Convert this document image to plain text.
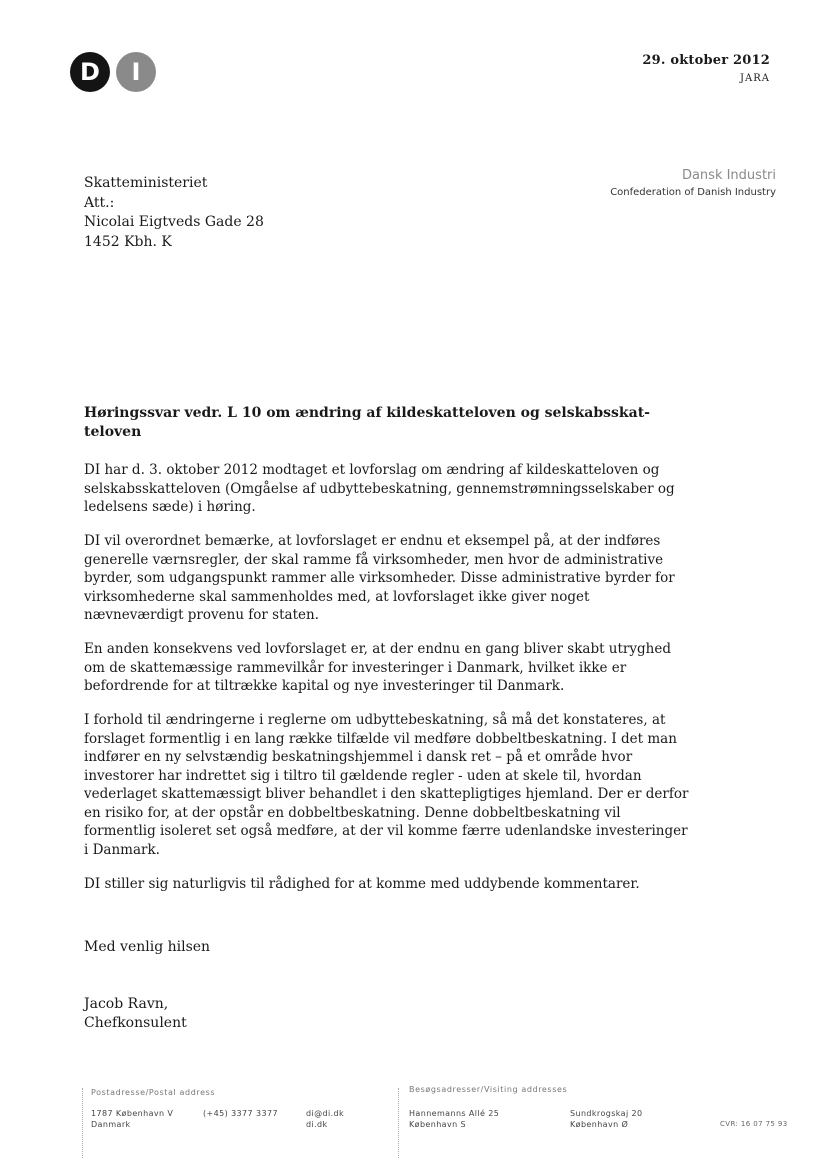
D	I	29. oktober 2012
JARA
Dansk Industri
Confederation of Danish Industry
Skatteministeriet
Att.:
Nicolai Eigtveds Gade 28
1452 Kbh. K
Høringssvar vedr. L 10 om ændring af kildeskatteloven og selskabsskat-teloven

DI har d. 3. oktober 2012 modtaget et lovforslag om ændring af kildeskatteloven og selskabsskatteloven (Omgåelse af udbyttebeskatning, gennemstrømningsselskaber og ledelsens sæde) i høring.

DI vil overordnet bemærke, at lovforslaget er endnu et eksempel på, at der indføres generelle værnsregler, der skal ramme få virksomheder, men hvor de administrative byrder, som udgangspunkt rammer alle virksomheder. Disse administrative byrder for virksomhederne skal sammenholdes med, at lovforslaget ikke giver noget nævneværdigt provenu for staten.

En anden konsekvens ved lovforslaget er, at der endnu en gang bliver skabt utryghed om de skattemæssige rammevilkår for investeringer i Danmark, hvilket ikke er befordrende for at tiltrække kapital og nye investeringer til Danmark.

I forhold til ændringerne i reglerne om udbyttebeskatning, så må det konstateres, at forslaget formentlig i en lang række tilfælde vil medføre dobbeltbeskatning. I det man indfører en ny selvstændig beskatningshjemmel i dansk ret – på et område hvor investorer har indrettet sig i tiltro til gældende regler - uden at skele til, hvordan vederlaget skattemæssigt bliver behandlet i den skattepligtiges hjemland. Der er derfor en risiko for, at der opstår en dobbeltbeskatning. Denne dobbeltbeskatning vil formentlig isoleret set også medføre, at der vil komme færre udenlandske investeringer i Danmark.

DI stiller sig naturligvis til rådighed for at komme med uddybende kommentarer.

Med venlig hilsen
Jacob Ravn,
Chefkonsulent
Postadresse/Postal address
1787 København V
Danmark
(+45) 3377 3377	di@di.dk
di.dk
Besøgsadresser/Visiting addresses
Hannemanns Allé 25
København S
Sundkrogskaj 20
København Ø	CVR: 16 07 75 93
